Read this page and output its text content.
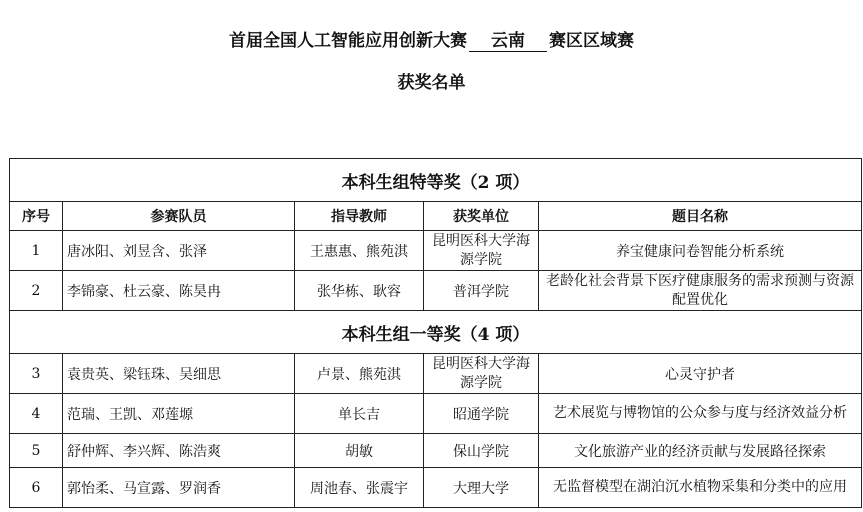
首届全国人工智能应用创新大赛 云南 赛区区域赛
获奖名单
本科生组特等奖（2 项）				
序号	参赛队员	指导教师	获奖单位	题目名称
1	唐冰阳、刘昱含、张泽	王惠惠、熊苑淇	昆明医科大学海源学院	养宝健康问卷智能分析系统
2	李锦豪、杜云豪、陈昊冉	张华栋、耿容	普洱学院	老龄化社会背景下医疗健康服务的需求预测与资源配置优化
本科生组一等奖（4 项）				
3	袁贵英、梁钰珠、吴细思	卢景、熊苑淇	昆明医科大学海源学院	心灵守护者
4	范瑞、王凯、邓莲塬	单长吉	昭通学院	艺术展览与博物馆的公众参与度与经济效益分析
5	舒仲辉、李兴辉、陈浩爽	胡敏	保山学院	文化旅游产业的经济贡献与发展路径探索
6	郭怡柔、马宣露、罗润香	周池春、张震宇	大理大学	无监督模型在湖泊沉水植物采集和分类中的应用
